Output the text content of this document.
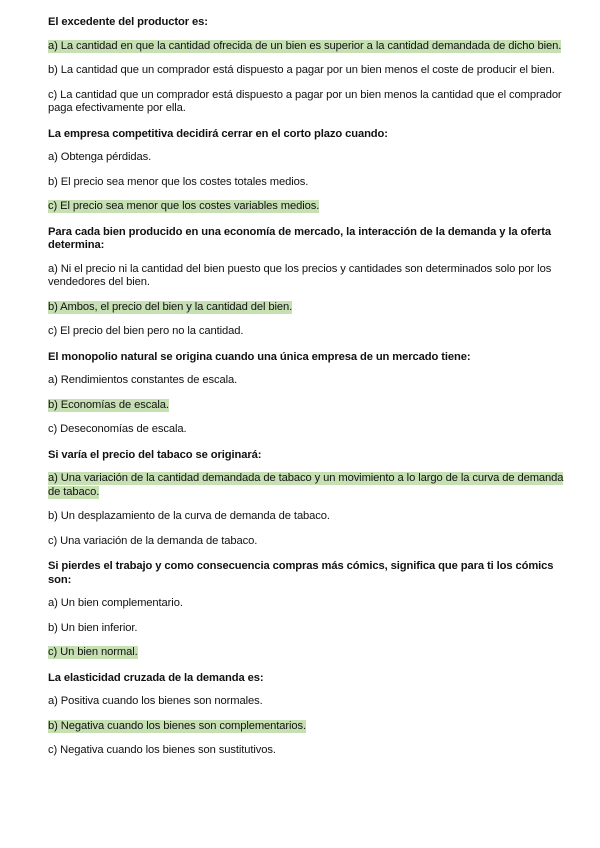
El excedente del productor es:
a) La cantidad en que la cantidad ofrecida de un bien es superior a la cantidad demandada de dicho bien.
b) La cantidad que un comprador está dispuesto a pagar por un bien menos el coste de producir el bien.
c) La cantidad que un comprador está dispuesto a pagar por un bien menos la cantidad que el comprador paga efectivamente por ella.
La empresa competitiva decidirá cerrar en el corto plazo cuando:
a) Obtenga pérdidas.
b) El precio sea menor que los costes totales medios.
c) El precio sea menor que los costes variables medios.
Para cada bien producido en una economía de mercado, la interacción de la demanda y la oferta determina:
a) Ni el precio ni la cantidad del bien puesto que los precios y cantidades son determinados solo por los vendedores del bien.
b) Ambos, el precio del bien y la cantidad del bien.
c) El precio del bien pero no la cantidad.
El monopolio natural se origina cuando una única empresa de un mercado tiene:
a) Rendimientos constantes de escala.
b) Economías de escala.
c) Deseconomías de escala.
Si varía el precio del tabaco se originará:
a) Una variación de la cantidad demandada de tabaco y un movimiento a lo largo de la curva de demanda de tabaco.
b) Un desplazamiento de la curva de demanda de tabaco.
c) Una variación de la demanda de tabaco.
Si pierdes el trabajo y como consecuencia compras más cómics, significa que para ti los cómics son:
a) Un bien complementario.
b) Un bien inferior.
c) Un bien normal.
La elasticidad cruzada de la demanda es:
a) Positiva cuando los bienes son normales.
b) Negativa cuando los bienes son complementarios.
c) Negativa cuando los bienes son sustitutivos.
